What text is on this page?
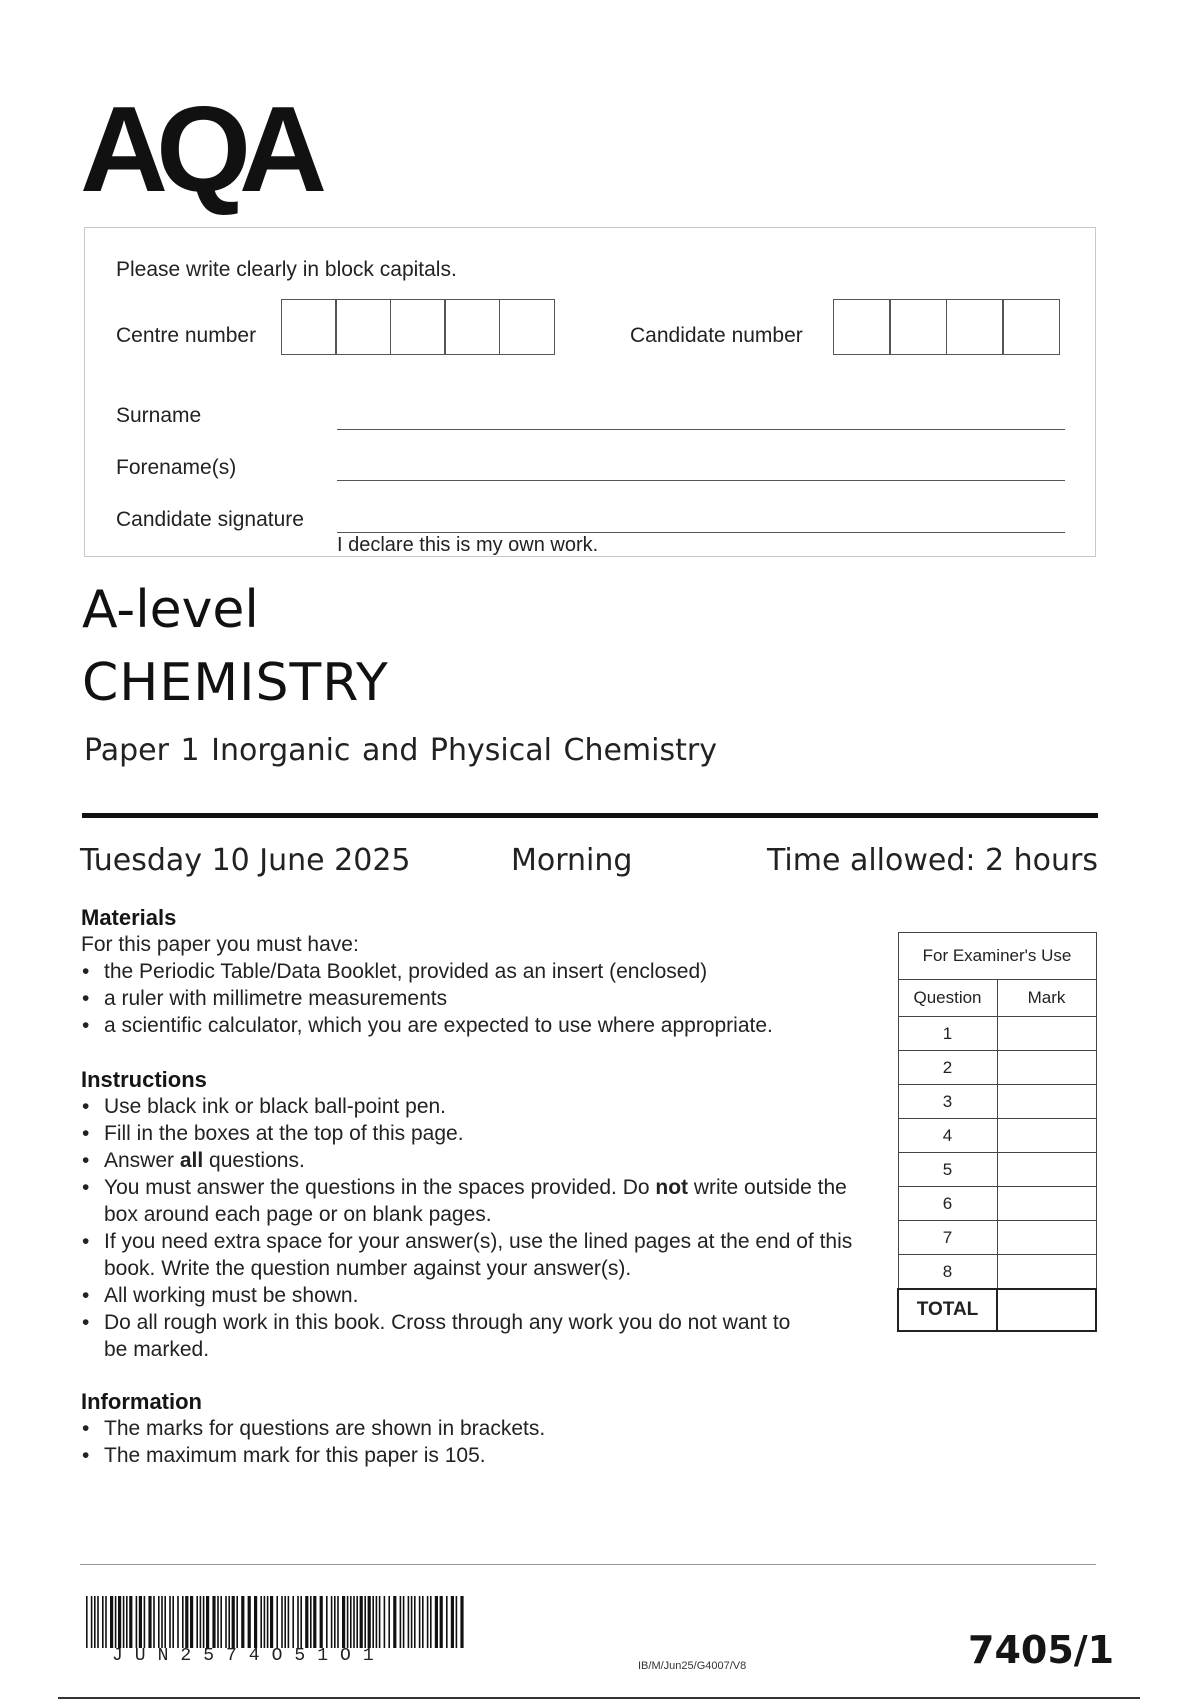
AQA
Please write clearly in block capitals.
Centre number	Candidate number
Surname
Forename(s)
Candidate signature
I declare this is my own work.
A-level
CHEMISTRY
Paper 1 Inorganic and Physical Chemistry
Tuesday 10 June 2025	Morning	Time allowed: 2 hours
Materials
For this paper you must have:
• the Periodic Table/Data Booklet, provided as an insert (enclosed)
• a ruler with millimetre measurements
• a scientific calculator, which you are expected to use where appropriate.
Instructions
• Use black ink or black ball-point pen.
• Fill in the boxes at the top of this page.
• Answer all questions.
• You must answer the questions in the spaces provided. Do not write outside the box around each page or on blank pages.
• If you need extra space for your answer(s), use the lined pages at the end of this book. Write the question number against your answer(s).
• All working must be shown.
• Do all rough work in this book. Cross through any work you do not want to be marked.
Information
• The marks for questions are shown in brackets.
• The maximum mark for this paper is 105.
For Examiner's Use	
Question	Mark
1	
2	
3	
4	
5	
6	
7	
8	
TOTAL	
JUN2574O51O1	IB/M/Jun25/G4007/V8	7405/1
